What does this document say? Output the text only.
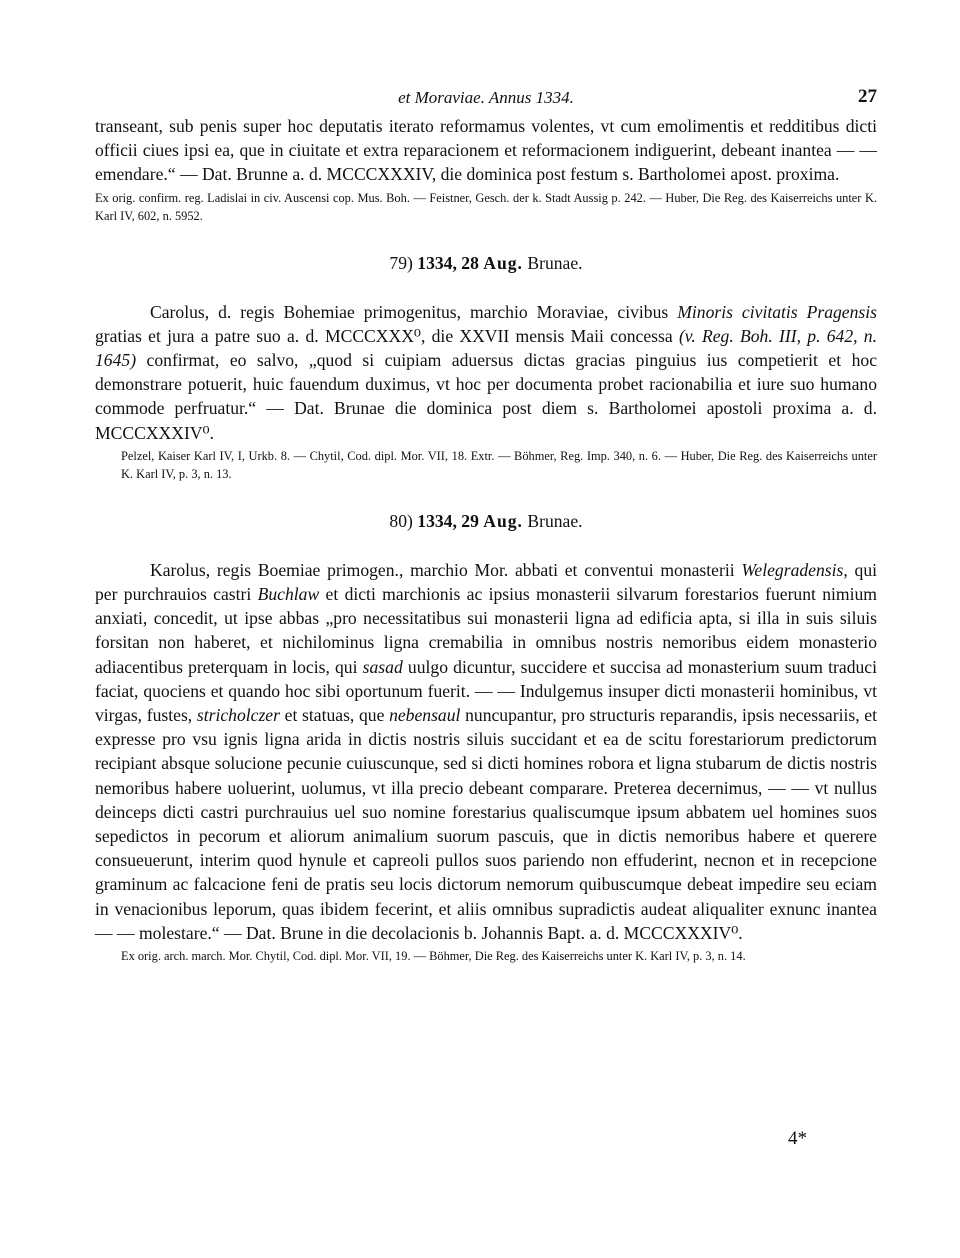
et Moraviae. Annus 1334.	27

transeant, sub penis super hoc deputatis iterato reformamus volentes, vt cum emolimentis et redditibus dicti officii ciues ipsi ea, que in ciuitate et extra reparacionem et reformacionem indiguerint, debeant inantea — — emendare.“ — Dat. Brunne a. d. MCCCXXXIV, die dominica post festum s. Bartholomei apost. proxima.

Ex orig. confirm. reg. Ladislai in civ. Auscensi cop. Mus. Boh. — Feistner, Gesch. der k. Stadt Aussig p. 242. — Huber, Die Reg. des Kaiserreichs unter K. Karl IV, 602, n. 5952.

79) 1334, 28 Aug. Brunae.

Carolus, d. regis Bohemiae primogenitus, marchio Moraviae, civibus Minoris civitatis Pragensis gratias et jura a patre suo a. d. MCCCXXX⁰, die XXVII mensis Maii concessa (v. Reg. Boh. III, p. 642, n. 1645) confirmat, eo salvo, „quod si cuipiam aduersus dictas gracias pinguius ius competierit et hoc demonstrare potuerit, huic fauendum duximus, vt hoc per documenta probet racionabilia et iure suo humano commode perfruatur.“ — Dat. Brunae die dominica post diem s. Bartholomei apostoli proxima a. d. MCCCXXXIV⁰.

Pelzel, Kaiser Karl IV, I, Urkb. 8. — Chytil, Cod. dipl. Mor. VII, 18. Extr. — Böhmer, Reg. Imp. 340, n. 6. — Huber, Die Reg. des Kaiserreichs unter K. Karl IV, p. 3, n. 13.

80) 1334, 29 Aug. Brunae.

Karolus, regis Boemiae primogen., marchio Mor. abbati et conventui monasterii Welegradensis, qui per purchrauios castri Buchlaw et dicti marchionis ac ipsius monasterii silvarum forestarios fuerunt nimium anxiati, concedit, ut ipse abbas „pro necessitatibus sui monasterii ligna ad edificia apta, si illa in suis siluis forsitan non haberet, et nichilominus ligna cremabilia in omnibus nostris nemoribus eidem monasterio adiacentibus preterquam in locis, qui sasad uulgo dicuntur, succidere et succisa ad monasterium suum traduci faciat, quociens et quando hoc sibi oportunum fuerit. — — Indulgemus insuper dicti monasterii hominibus, vt virgas, fustes, stricholczer et statuas, que nebensaul nuncupantur, pro structuris reparandis, ipsis necessariis, et expresse pro vsu ignis ligna arida in dictis nostris siluis succidant et ea de scitu forestariorum predictorum recipiant absque solucione pecunie cuiuscunque, sed si dicti homines robora et ligna stubarum de dictis nostris nemoribus habere uoluerint, uolumus, vt illa precio debeant comparare. Preterea decernimus, — — vt nullus deinceps dicti castri purchrauius uel suo nomine forestarius qualiscumque ipsum abbatem uel homines suos sepedictos in pecorum et aliorum animalium suorum pascuis, que in dictis nemoribus habere et querere consueuerunt, interim quod hynule et capreoli pullos suos pariendo non effuderint, necnon et in recepcione graminum ac falcacione feni de pratis seu locis dictorum nemorum quibuscumque debeat impedire seu eciam in venacionibus leporum, quas ibidem fecerint, et aliis omnibus supradictis audeat aliqualiter exnunc inantea — — molestare.“ — Dat. Brune in die decolacionis b. Johannis Bapt. a. d. MCCCXXXIV⁰.

Ex orig. arch. march. Mor. Chytil, Cod. dipl. Mor. VII, 19. — Böhmer, Die Reg. des Kaiserreichs unter K. Karl IV, p. 3, n. 14.

4*
